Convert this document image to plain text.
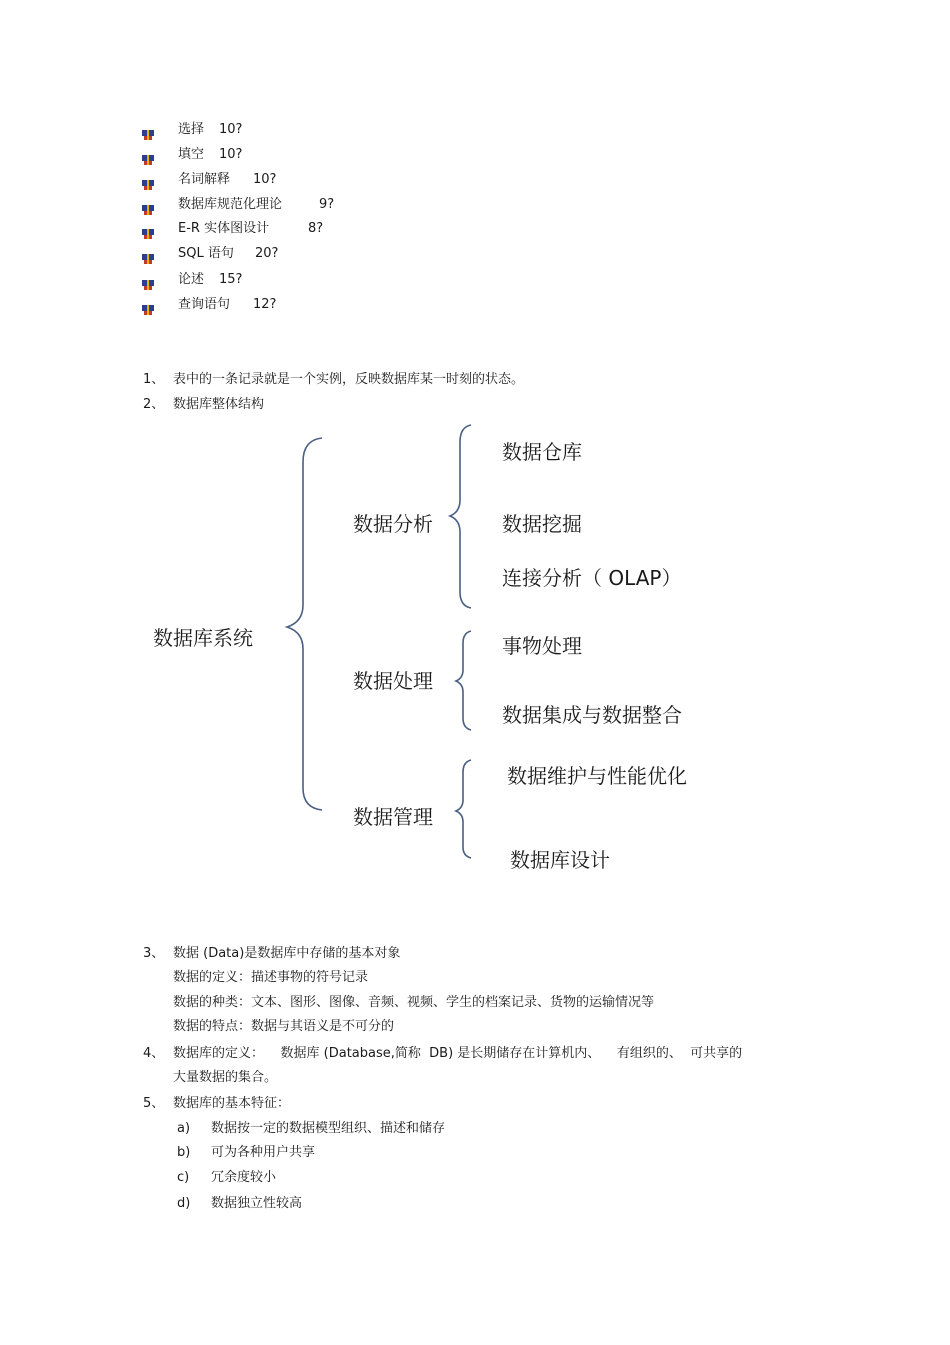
选择 10?
填空 10?
名词解释 10?
数据库规范化理论	9?
E-R 实体图设计	8?
SQL 语句 20?
论述 15?
查询语句 12?
1、 表中的一条记录就是一个实例，反映数据库某一时刻的状态。
2、 数据库整体结构
数据库系统
数据分析
数据仓库
数据挖掘
连接分析（ OLAP）
数据处理
事物处理
数据集成与数据整合
数据管理
数据维护与性能优化
数据库设计
3、 数据 (Data)是数据库中存储的基本对象
数据的定义：描述事物的符号记录
数据的种类：文本、图形、图像、音频、视频、学生的档案记录、货物的运输情况等
数据的特点：数据与其语义是不可分的
4、 数据库的定义：    数据库 (Database,简称  DB) 是长期储存在计算机内、    有组织的、  可共享的
大量数据的集合。
5、 数据库的基本特征：
a) 数据按一定的数据模型组织、描述和储存
b) 可为各种用户共享
c) 冗余度较小
d) 数据独立性较高
